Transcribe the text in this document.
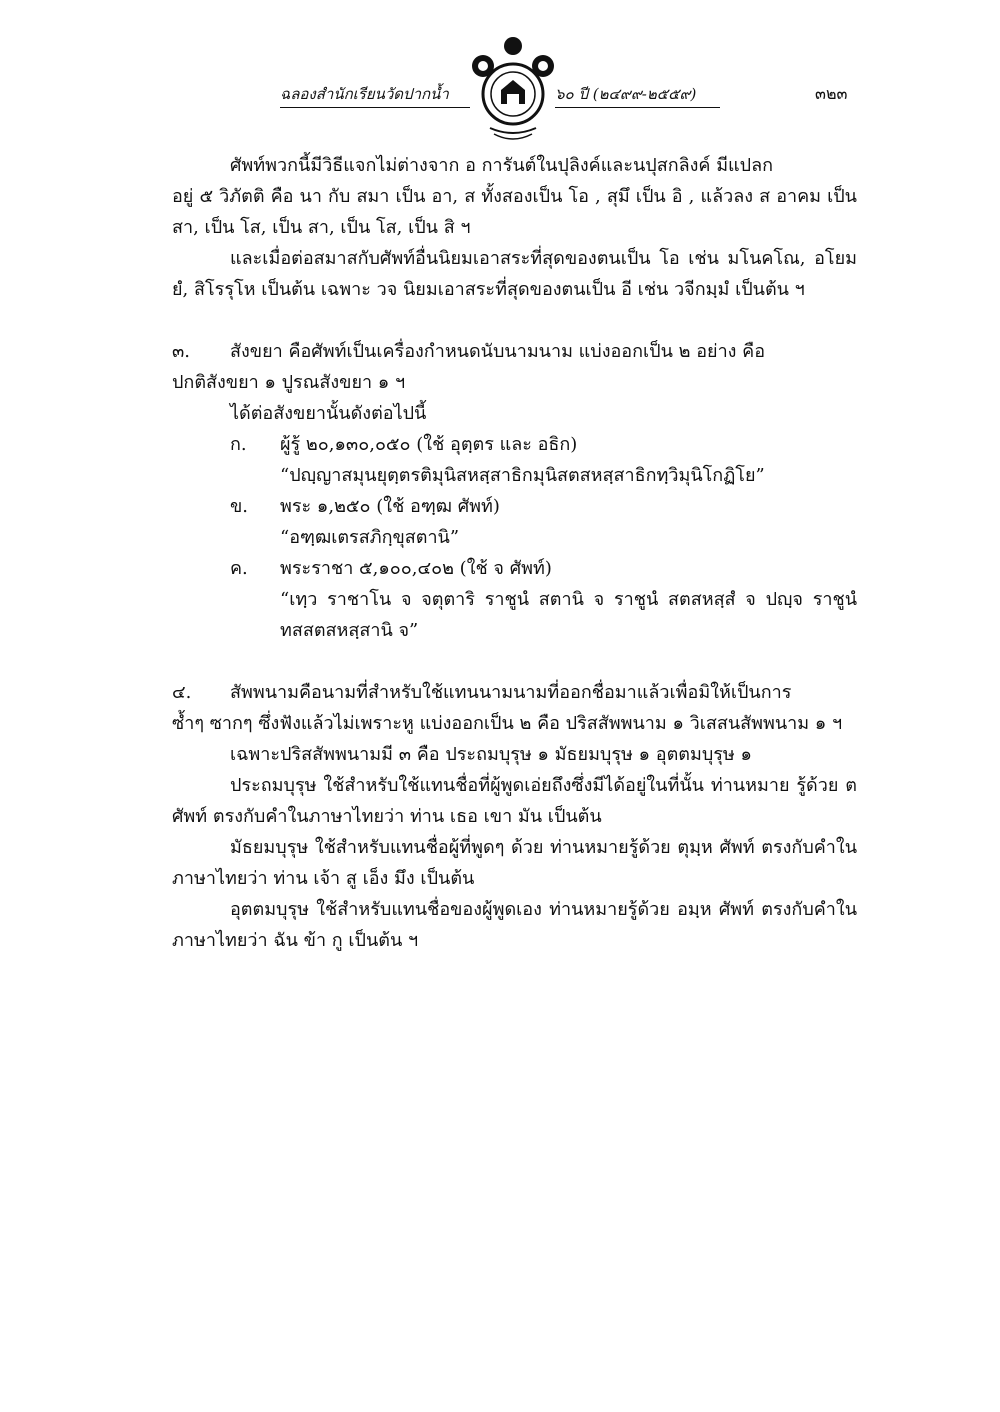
ฉลองสำนักเรียนวัดปากน้ำ	๖๐ ปี (๒๔๙๙-๒๕๕๙)	๓๒๓

ศัพท์พวกนี้มีวิธีแจกไม่ต่างจาก อ การันต์ในปุลิงค์และนปุสกลิงค์ มีแปลก

อยู่ ๕ วิภัตติ คือ นา กับ สมา เป็น อา, ส ทั้งสองเป็น โอ , สุมึ เป็น อิ , แล้วลง ส อาคม เป็น สา, เป็น โส, เป็น สา, เป็น โส, เป็น สิ ฯ

และเมื่อต่อสมาสกับศัพท์อื่นนิยมเอาสระที่สุดของตนเป็น โอ เช่น มโนคโณ, อโยมยํ, สิโรรุโห เป็นต้น เฉพาะ วจ นิยมเอาสระที่สุดของตนเป็น อี เช่น วจีกมฺมํ เป็นต้น ฯ

๓.	สังขยา คือศัพท์เป็นเครื่องกำหนดนับนามนาม แบ่งออกเป็น ๒ อย่าง คือ

ปกติสังขยา ๑ ปูรณสังขยา ๑ ฯ

ได้ต่อสังขยานั้นดังต่อไปนี้

ก.	ผู้รู้ ๒๐,๑๓๐,๐๕๐ (ใช้ อุตฺตร และ อธิก)

“ปญฺญาสมุนยุตฺตรติมุนิสหสฺสาธิกมุนิสตสหสฺสาธิกทฺวิมุนิโกฏิโย”

ข.	พระ ๑,๒๕๐ (ใช้ อฑฺฒ ศัพท์)

“อฑฺฒเตรสภิกฺขุสตานิ”

ค.	พระราชา ๕,๑๐๐,๔๐๒ (ใช้ จ ศัพท์)

“เทฺว ราชาโน จ จตุตาริ ราชูนํ สตานิ จ ราชูนํ สตสหสฺสํ จ ปญฺจ ราชูนํ ทสสตสหสฺสานิ จ”

๔.	สัพพนามคือนามที่สำหรับใช้แทนนามนามที่ออกชื่อมาแล้วเพื่อมิให้เป็นการ

ซ้ำๆ ซากๆ ซึ่งฟังแล้วไม่เพราะหู แบ่งออกเป็น ๒ คือ ปริสสัพพนาม ๑ วิเสสนสัพพนาม ๑ ฯ

เฉพาะปริสสัพพนามมี ๓ คือ ประถมบุรุษ ๑ มัธยมบุรุษ ๑ อุตตมบุรุษ ๑

ประถมบุรุษ ใช้สำหรับใช้แทนชื่อที่ผู้พูดเอ่ยถึงซึ่งมีได้อยู่ในที่นั้น ท่านหมาย รู้ด้วย ต ศัพท์ ตรงกับคำในภาษาไทยว่า ท่าน เธอ เขา มัน เป็นต้น

มัธยมบุรุษ ใช้สำหรับแทนชื่อผู้ที่พูดๆ ด้วย ท่านหมายรู้ด้วย ตุมฺห ศัพท์ ตรงกับคำในภาษาไทยว่า ท่าน เจ้า สู เอ็ง มึง เป็นต้น

อุตตมบุรุษ ใช้สำหรับแทนชื่อของผู้พูดเอง ท่านหมายรู้ด้วย อมฺห ศัพท์ ตรงกับคำในภาษาไทยว่า ฉัน ข้า กู เป็นต้น ฯ
